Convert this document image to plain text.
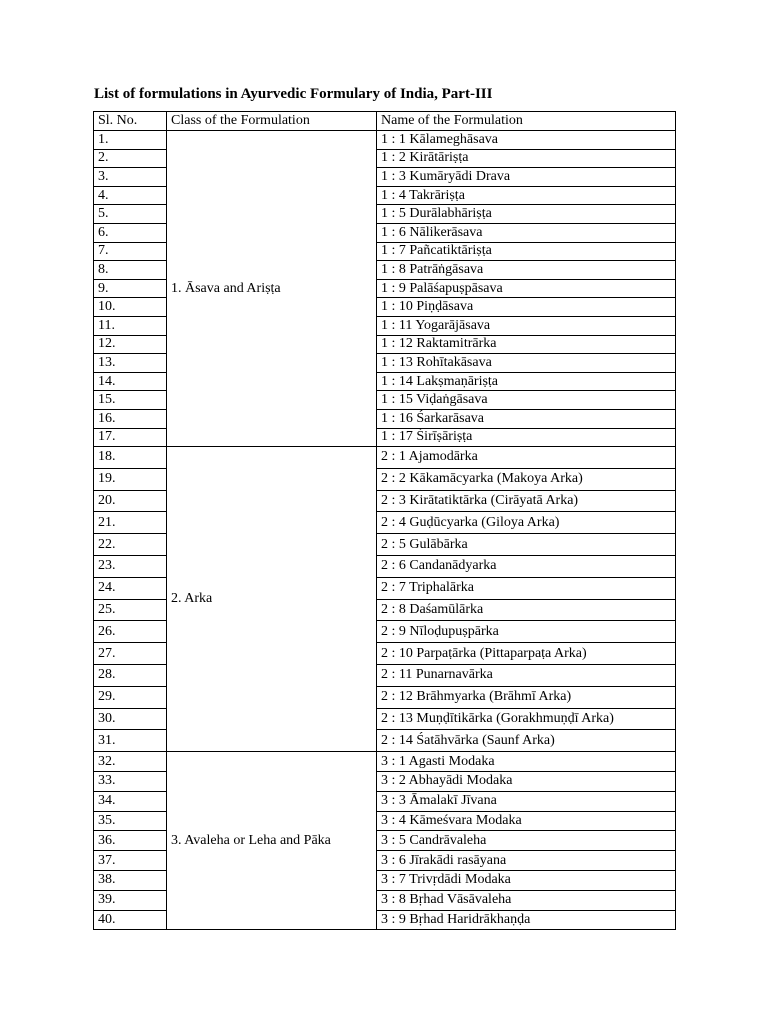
List of formulations in Ayurvedic Formulary of India, Part-III
Sl. No.	Class of the Formulation	Name of the Formulation
1.	1. Āsava and Ariṣṭa	1 : 1 Kālameghāsava
2.		1 : 2 Kirātāriṣṭa
3.		1 : 3 Kumāryādi Drava
4.		1 : 4 Takrāriṣṭa
5.		1 : 5 Durālabhāriṣṭa
6.		1 : 6 Nālikerāsava
7.		1 : 7 Pañcatiktāriṣṭa
8.		1 : 8 Patrāṅgāsava
9.		1 : 9 Palāśapuṣpāsava
10.		1 : 10 Piṇḍāsava
11.		1 : 11 Yogarājāsava
12.		1 : 12 Raktamitrārka
13.		1 : 13 Rohītakāsava
14.		1 : 14 Lakṣmaṇāriṣṭa
15.		1 : 15 Viḍaṅgāsava
16.		1 : 16 Śarkarāsava
17.		1 : 17 Śirīṣāriṣṭa
18.	2. Arka	2 : 1 Ajamodārka
19.		2 : 2 Kākamācyarka (Makoya Arka)
20.		2 : 3 Kirātatiktārka (Cirāyatā Arka)
21.		2 : 4 Guḍūcyarka (Giloya Arka)
22.		2 : 5 Gulābārka
23.		2 : 6 Candanādyarka
24.		2 : 7 Triphalārka
25.		2 : 8 Daśamūlārka
26.		2 : 9 Nīloḍupuṣpārka
27.		2 : 10 Parpaṭārka (Pittaparpaṭa Arka)
28.		2 : 11 Punarnavārka
29.		2 : 12 Brāhmyarka (Brāhmī Arka)
30.		2 : 13 Muṇḍītikārka (Gorakhmuṇḍī Arka)
31.		2 : 14 Śatāhvārka (Saunf Arka)
32.	3. Avaleha or Leha and Pāka	3 : 1 Agasti Modaka
33.		3 : 2 Abhayādi Modaka
34.		3 : 3 Āmalakī Jīvana
35.		3 : 4 Kāmeśvara Modaka
36.		3 : 5 Candrāvaleha
37.		3 : 6 Jīrakādi rasāyana
38.		3 : 7 Trivṛdādi Modaka
39.		3 : 8 Bṛhad Vāsāvaleha
40.		3 : 9 Bṛhad Haridrākhaṇḍa
